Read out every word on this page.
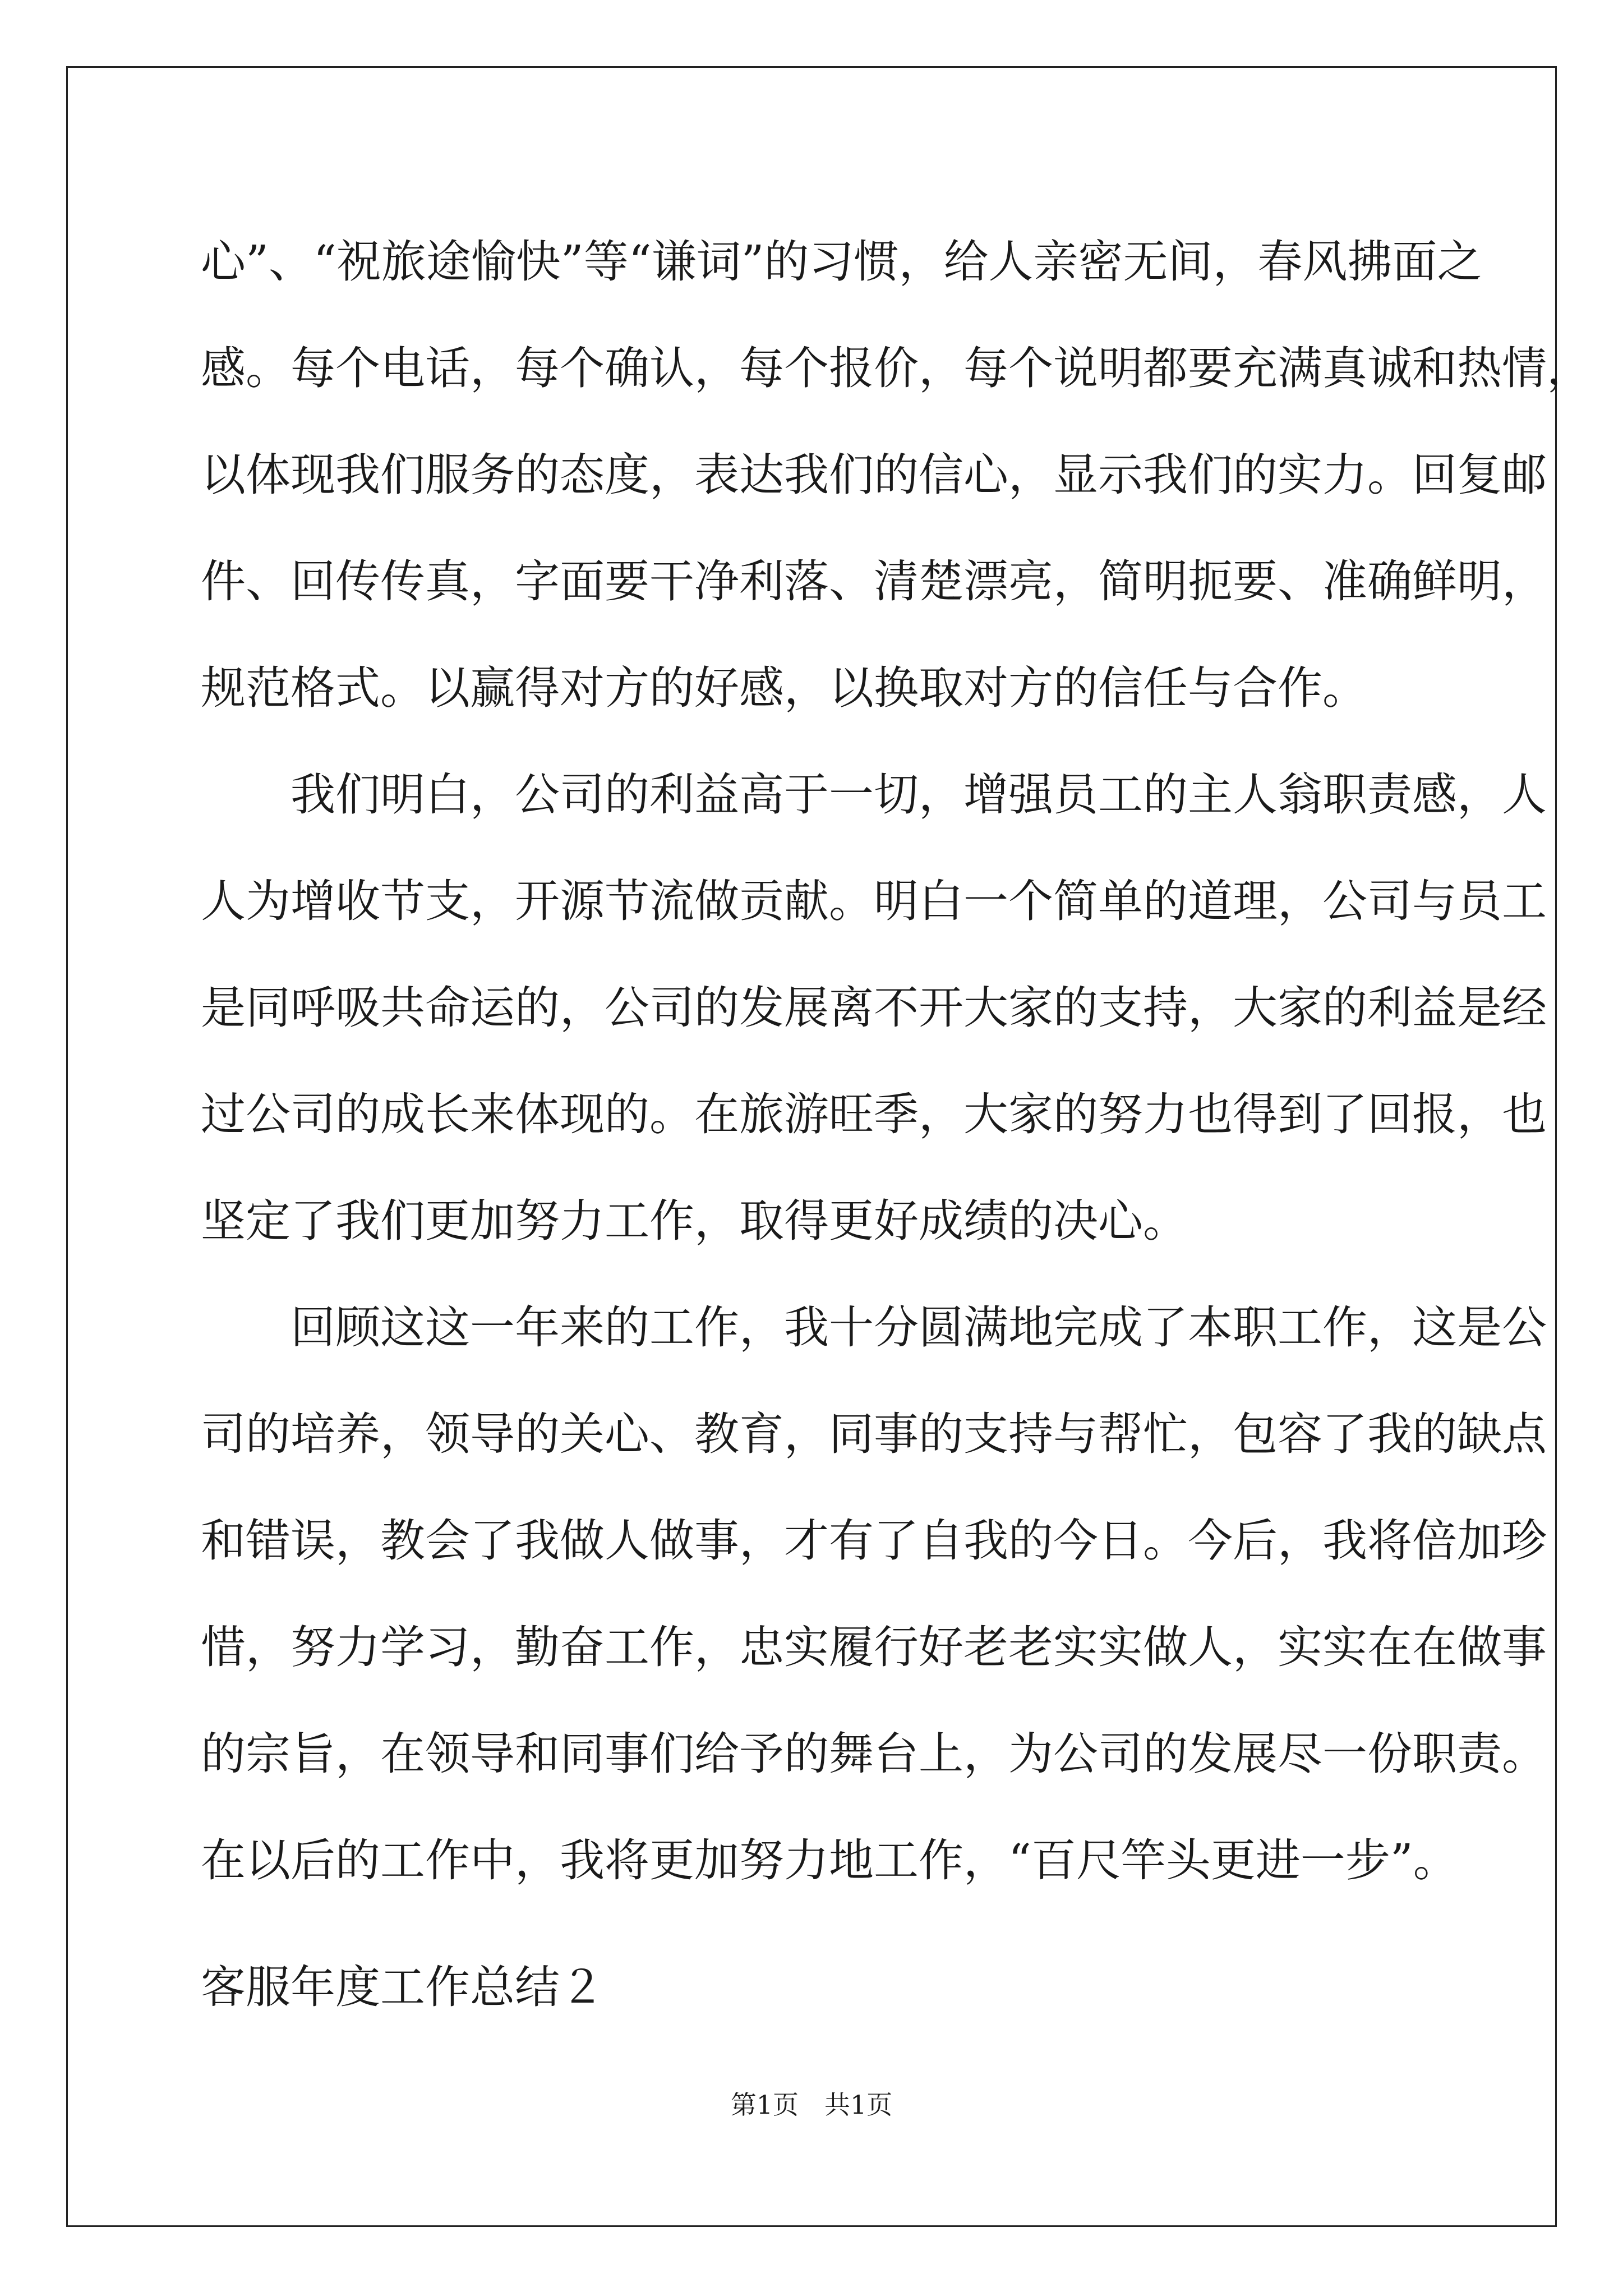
心”、“祝旅途愉快”等“谦词”的习惯，给人亲密无间，春风拂面之
感。每个电话，每个确认，每个报价，每个说明都要充满真诚和热情，
以体现我们服务的态度，表达我们的信心，显示我们的实力。回复邮
件、回传传真，字面要干净利落、清楚漂亮，简明扼要、准确鲜明，
规范格式。以赢得对方的好感，以换取对方的信任与合作。
　　我们明白，公司的利益高于一切，增强员工的主人翁职责感，人
人为增收节支，开源节流做贡献。明白一个简单的道理，公司与员工
是同呼吸共命运的，公司的发展离不开大家的支持，大家的利益是经
过公司的成长来体现的。在旅游旺季，大家的努力也得到了回报，也
坚定了我们更加努力工作，取得更好成绩的决心。
　　回顾这这一年来的工作，我十分圆满地完成了本职工作，这是公
司的培养，领导的关心、教育，同事的支持与帮忙，包容了我的缺点
和错误，教会了我做人做事，才有了自我的今日。今后，我将倍加珍
惜，努力学习，勤奋工作，忠实履行好老老实实做人，实实在在做事
的宗旨，在领导和同事们给予的舞台上，为公司的发展尽一份职责。
在以后的工作中，我将更加努力地工作，“百尺竿头更进一步”。
客服年度工作总结２
第1页　共1页
